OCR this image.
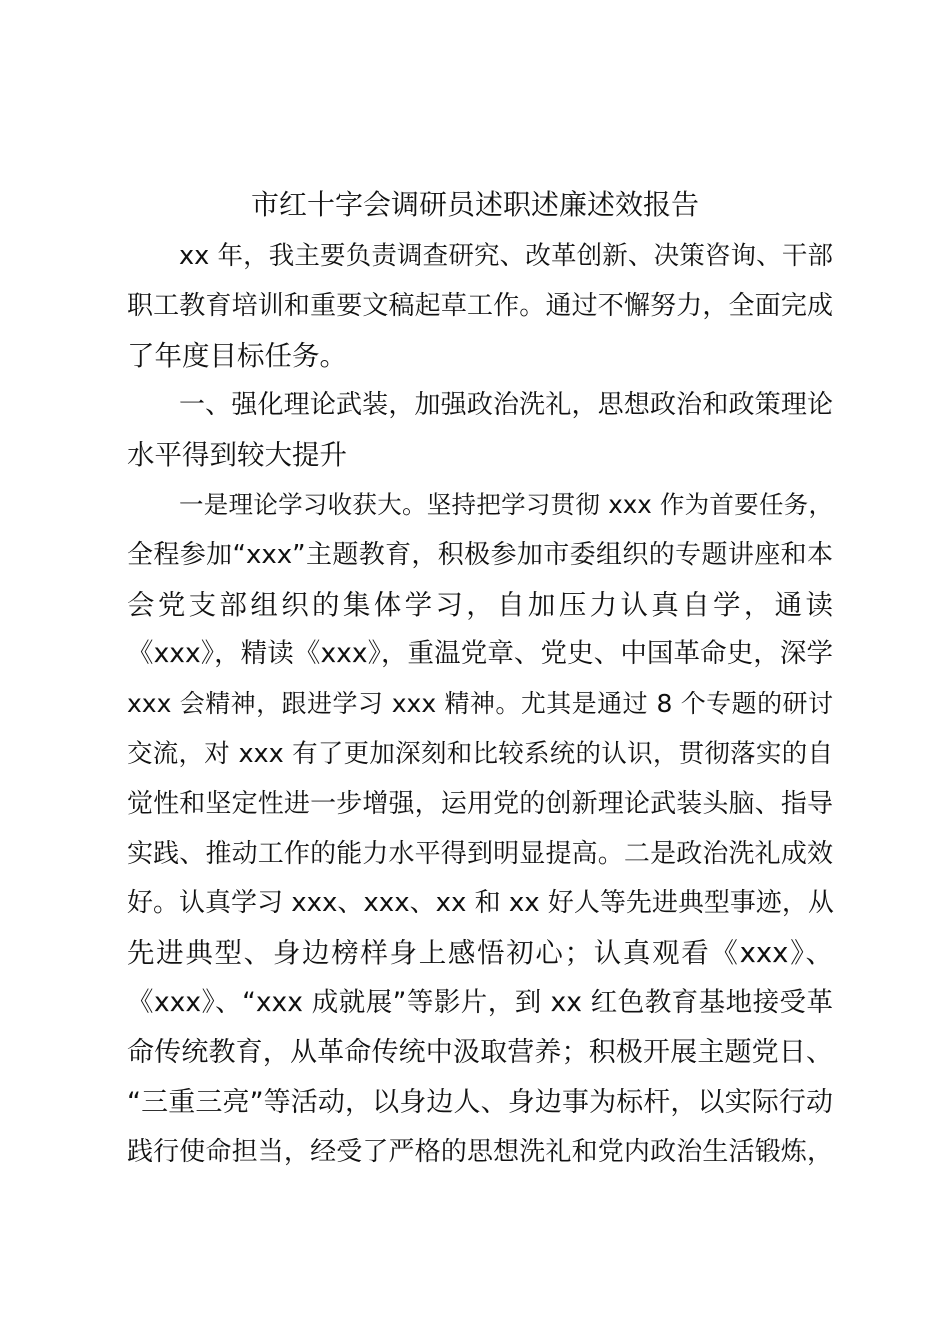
市红十字会调研员述职述廉述效报告
xx 年，我主要负责调查研究、改革创新、决策咨询、干部
职工教育培训和重要文稿起草工作。通过不懈努力，全面完成
了年度目标任务。
一、强化理论武装，加强政治洗礼，思想政治和政策理论
水平得到较大提升
一是理论学习收获大。坚持把学习贯彻 xxx 作为首要任务，
全程参加“xxx”主题教育，积极参加市委组织的专题讲座和本
会党支部组织的集体学习，自加压力认真自学，通读
《xxx》，精读《xxx》，重温党章、党史、中国革命史，深学
xxx 会精神，跟进学习 xxx 精神。尤其是通过 8 个专题的研讨
交流，对 xxx 有了更加深刻和比较系统的认识，贯彻落实的自
觉性和坚定性进一步增强，运用党的创新理论武装头脑、指导
实践、推动工作的能力水平得到明显提高。二是政治洗礼成效
好。认真学习 xxx、xxx、xx 和 xx 好人等先进典型事迹，从
先进典型、身边榜样身上感悟初心；认真观看《xxx》、
《xxx》、“xxx 成就展”等影片，到 xx 红色教育基地接受革
命传统教育，从革命传统中汲取营养；积极开展主题党日、
“三重三亮”等活动，以身边人、身边事为标杆，以实际行动
践行使命担当，经受了严格的思想洗礼和党内政治生活锻炼，
